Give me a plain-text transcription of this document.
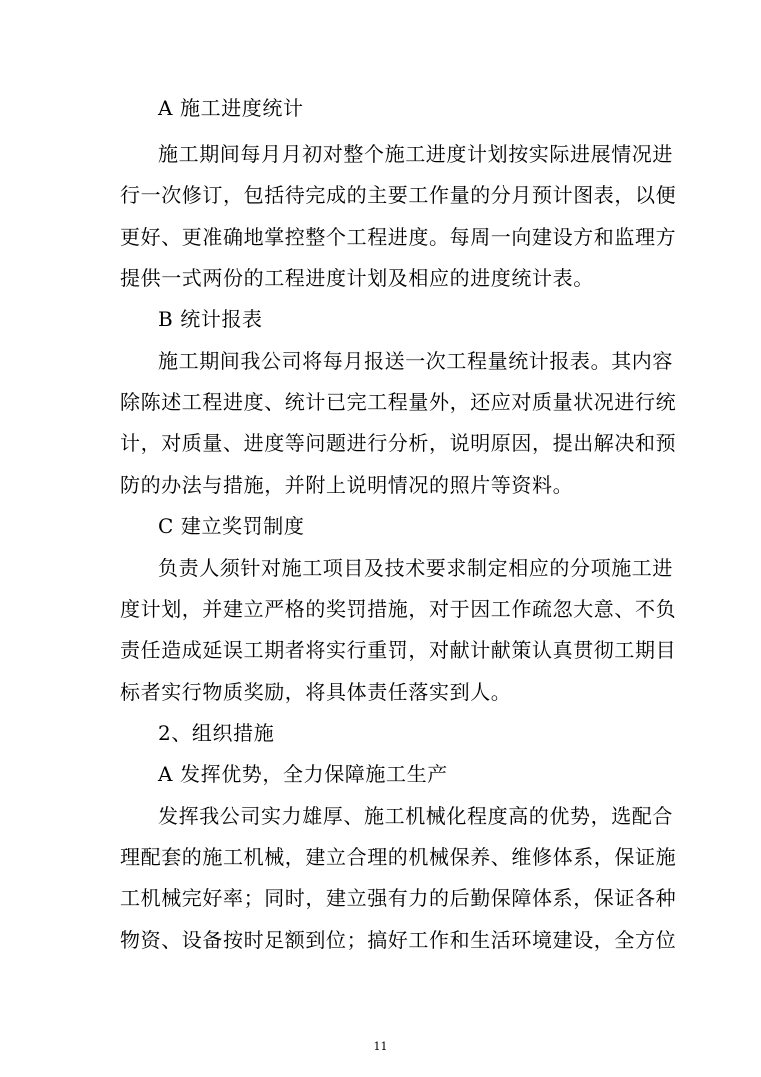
A 施工进度统计
施工期间每月月初对整个施工进度计划按实际进展情况进
行一次修订，包括待完成的主要工作量的分月预计图表，以便
更好、更准确地掌控整个工程进度。每周一向建设方和监理方
提供一式两份的工程进度计划及相应的进度统计表。
B 统计报表
施工期间我公司将每月报送一次工程量统计报表。其内容
除陈述工程进度、统计已完工程量外，还应对质量状况进行统
计，对质量、进度等问题进行分析，说明原因，提出解决和预
防的办法与措施，并附上说明情况的照片等资料。
C 建立奖罚制度
负责人须针对施工项目及技术要求制定相应的分项施工进
度计划，并建立严格的奖罚措施，对于因工作疏忽大意、不负
责任造成延误工期者将实行重罚，对献计献策认真贯彻工期目
标者实行物质奖励，将具体责任落实到人。
2、组织措施
A 发挥优势，全力保障施工生产
发挥我公司实力雄厚、施工机械化程度高的优势，选配合
理配套的施工机械，建立合理的机械保养、维修体系，保证施
工机械完好率；同时，建立强有力的后勤保障体系，保证各种
物资、设备按时足额到位；搞好工作和生活环境建设，全方位
11
